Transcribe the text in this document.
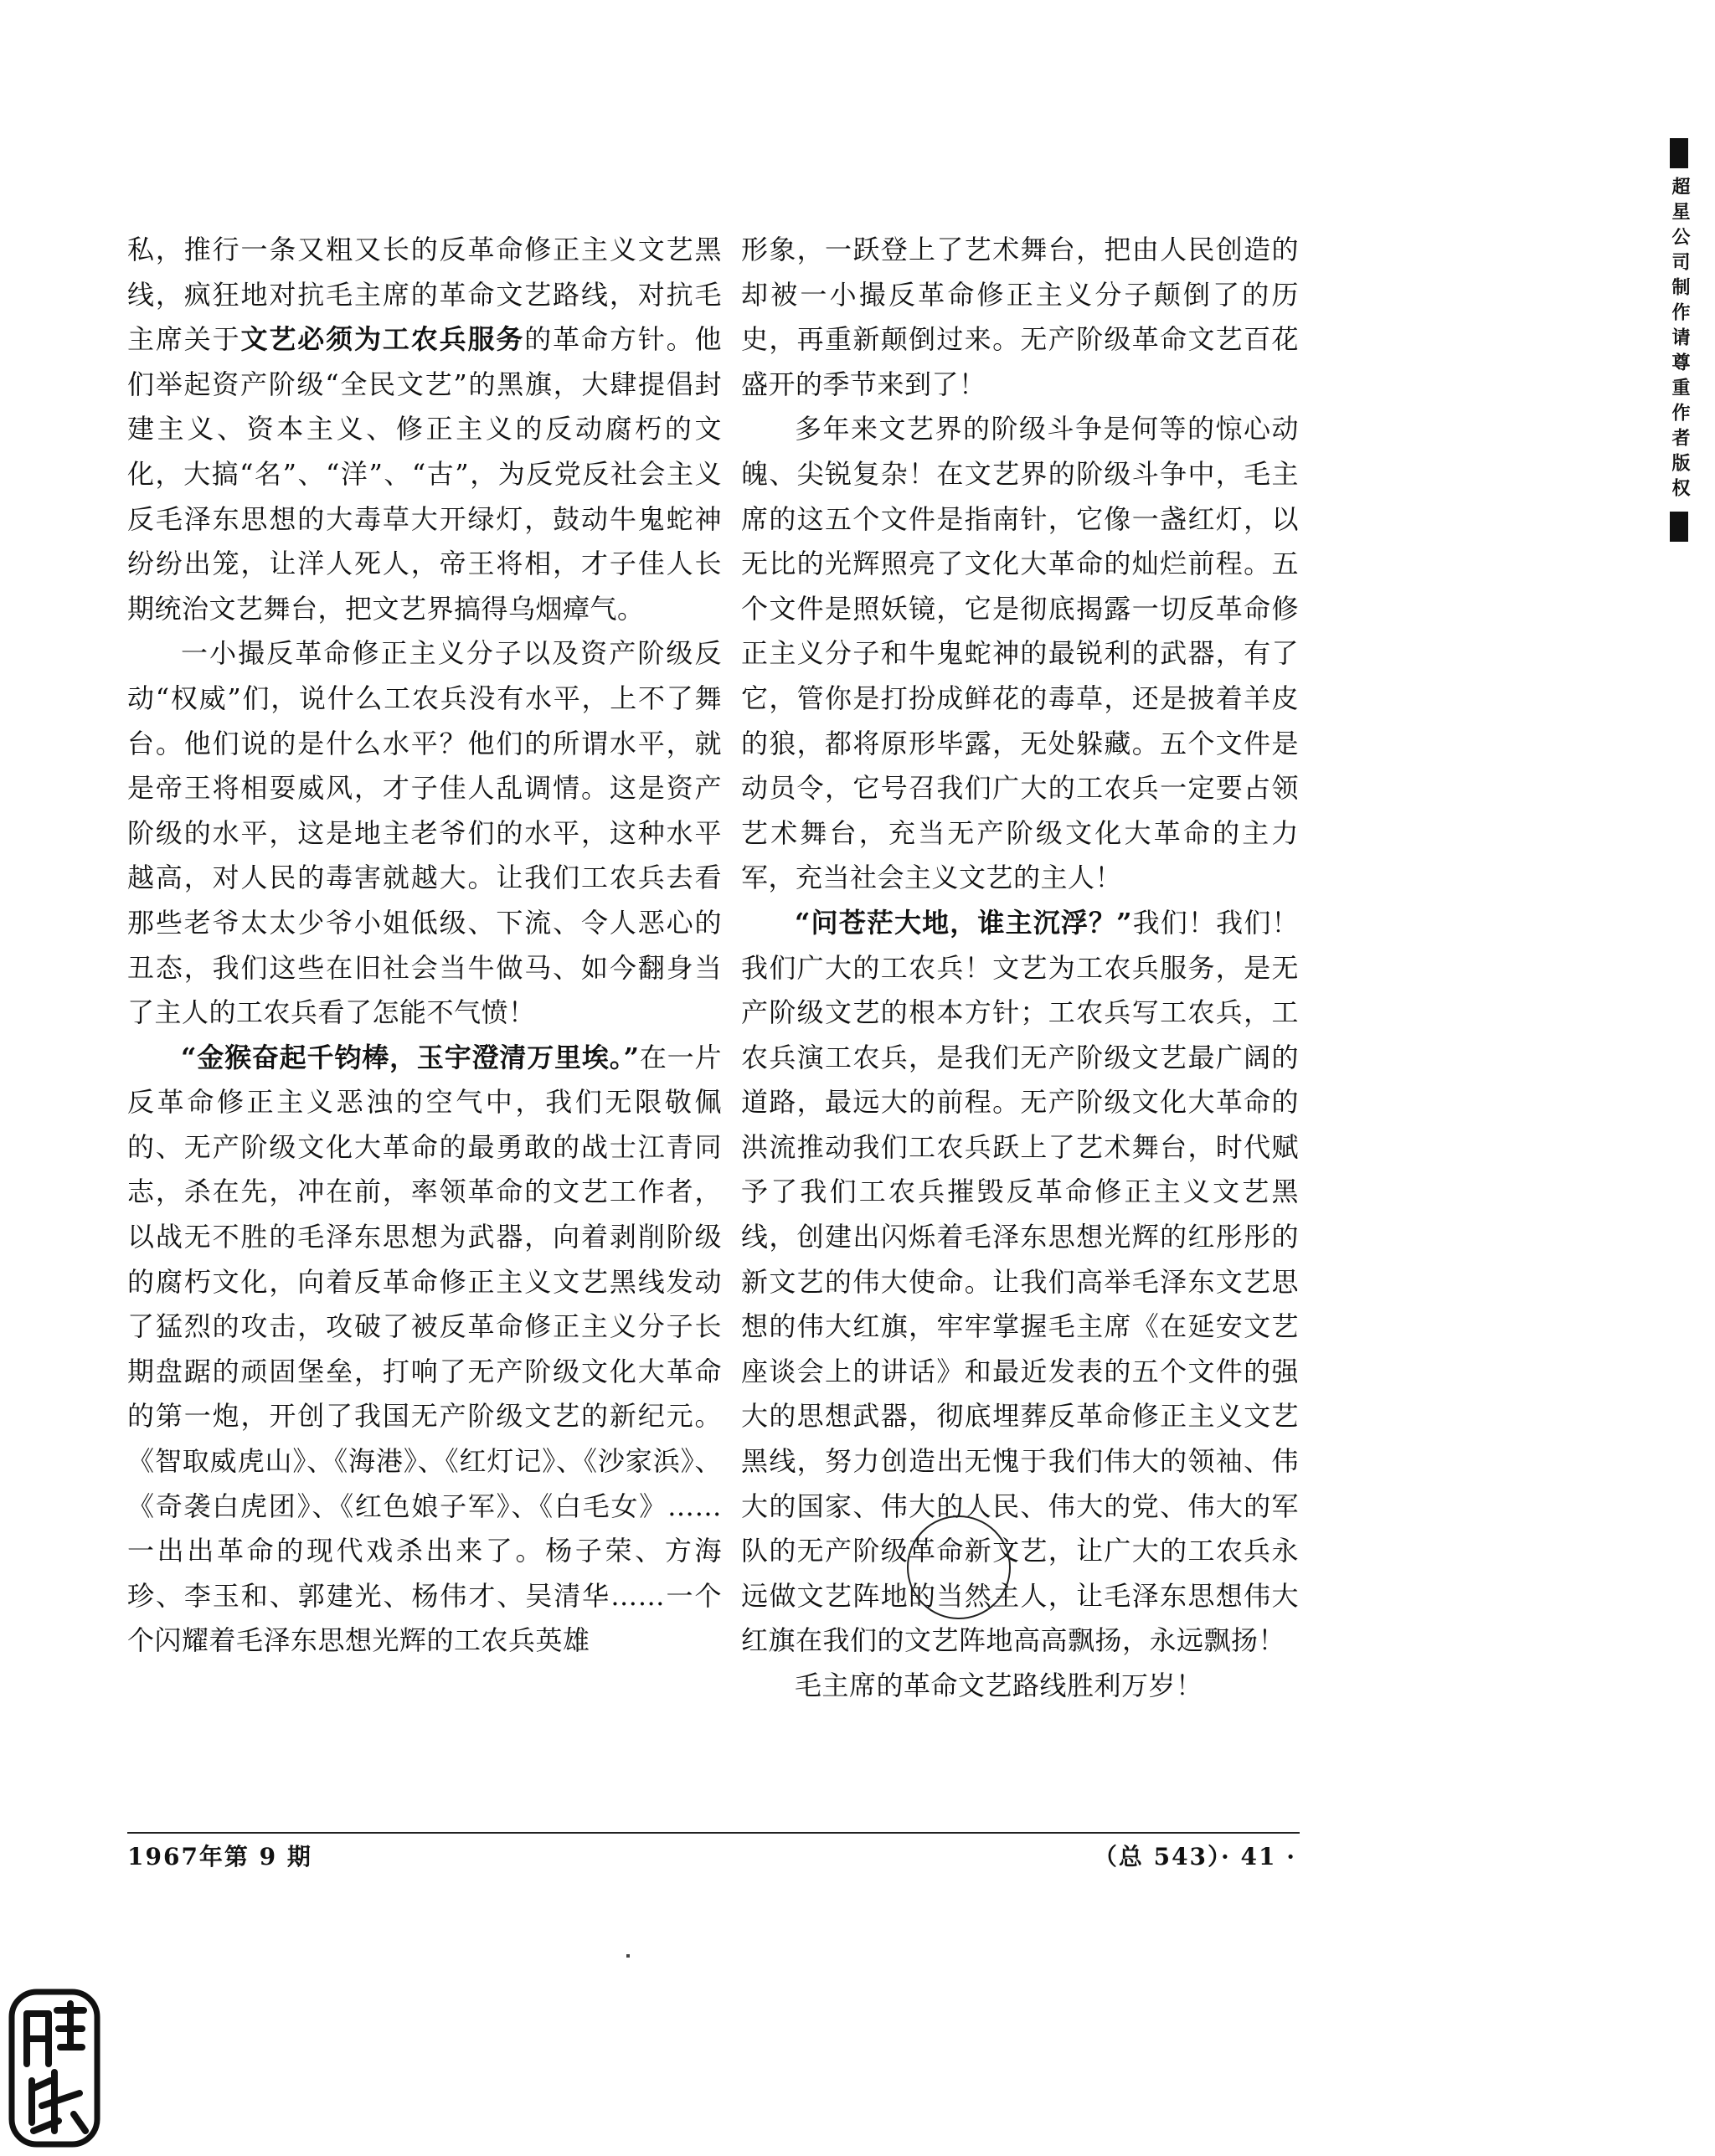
私，推行一条又粗又长的反革命修正主义文艺黑线，疯狂地对抗毛主席的革命文艺路线，对抗毛主席关于文艺必须为工农兵服务的革命方针。他们举起资产阶级“全民文艺”的黑旗，大肆提倡封建主义、资本主义、修正主义的反动腐朽的文化，大搞“名”、“洋”、“古”，为反党反社会主义反毛泽东思想的大毒草大开绿灯，鼓动牛鬼蛇神纷纷出笼，让洋人死人，帝王将相，才子佳人长期统治文艺舞台，把文艺界搞得乌烟瘴气。

一小撮反革命修正主义分子以及资产阶级反动“权威”们，说什么工农兵没有水平，上不了舞台。他们说的是什么水平？他们的所谓水平，就是帝王将相耍威风，才子佳人乱调情。这是资产阶级的水平，这是地主老爷们的水平，这种水平越高，对人民的毒害就越大。让我们工农兵去看那些老爷太太少爷小姐低级、下流、令人恶心的丑态，我们这些在旧社会当牛做马、如今翻身当了主人的工农兵看了怎能不气愤！

“金猴奋起千钧棒，玉宇澄清万里埃。”在一片反革命修正主义恶浊的空气中，我们无限敬佩的、无产阶级文化大革命的最勇敢的战士江青同志，杀在先，冲在前，率领革命的文艺工作者，以战无不胜的毛泽东思想为武器，向着剥削阶级的腐朽文化，向着反革命修正主义文艺黑线发动了猛烈的攻击，攻破了被反革命修正主义分子长期盘踞的顽固堡垒，打响了无产阶级文化大革命的第一炮，开创了我国无产阶级文艺的新纪元。《智取威虎山》、《海港》、《红灯记》、《沙家浜》、《奇袭白虎团》、《红色娘子军》、《白毛女》……一出出革命的现代戏杀出来了。杨子荣、方海珍、李玉和、郭建光、杨伟才、吴清华……一个个闪耀着毛泽东思想光辉的工农兵英雄

形象，一跃登上了艺术舞台，把由人民创造的却被一小撮反革命修正主义分子颠倒了的历史，再重新颠倒过来。无产阶级革命文艺百花盛开的季节来到了！

多年来文艺界的阶级斗争是何等的惊心动魄、尖锐复杂！在文艺界的阶级斗争中，毛主席的这五个文件是指南针，它像一盏红灯，以无比的光辉照亮了文化大革命的灿烂前程。五个文件是照妖镜，它是彻底揭露一切反革命修正主义分子和牛鬼蛇神的最锐利的武器，有了它，管你是打扮成鲜花的毒草，还是披着羊皮的狼，都将原形毕露，无处躲藏。五个文件是动员令，它号召我们广大的工农兵一定要占领艺术舞台，充当无产阶级文化大革命的主力军，充当社会主义文艺的主人！

“问苍茫大地，谁主沉浮？”我们！我们！我们广大的工农兵！文艺为工农兵服务，是无产阶级文艺的根本方针；工农兵写工农兵，工农兵演工农兵，是我们无产阶级文艺最广阔的道路，最远大的前程。无产阶级文化大革命的洪流推动我们工农兵跃上了艺术舞台，时代赋予了我们工农兵摧毁反革命修正主义文艺黑线，创建出闪烁着毛泽东思想光辉的红彤彤的新文艺的伟大使命。让我们高举毛泽东文艺思想的伟大红旗，牢牢掌握毛主席《在延安文艺座谈会上的讲话》和最近发表的五个文件的强大的思想武器，彻底埋葬反革命修正主义文艺黑线，努力创造出无愧于我们伟大的领袖、伟大的国家、伟大的人民、伟大的党、伟大的军队的无产阶级革命新文艺，让广大的工农兵永远做文艺阵地的当然主人，让毛泽东思想伟大红旗在我们的文艺阵地高高飘扬，永远飘扬！

毛主席的革命文艺路线胜利万岁！

1967年第 9 期	（总 543）· 41 ·
超星公司制作请尊重作者版权
